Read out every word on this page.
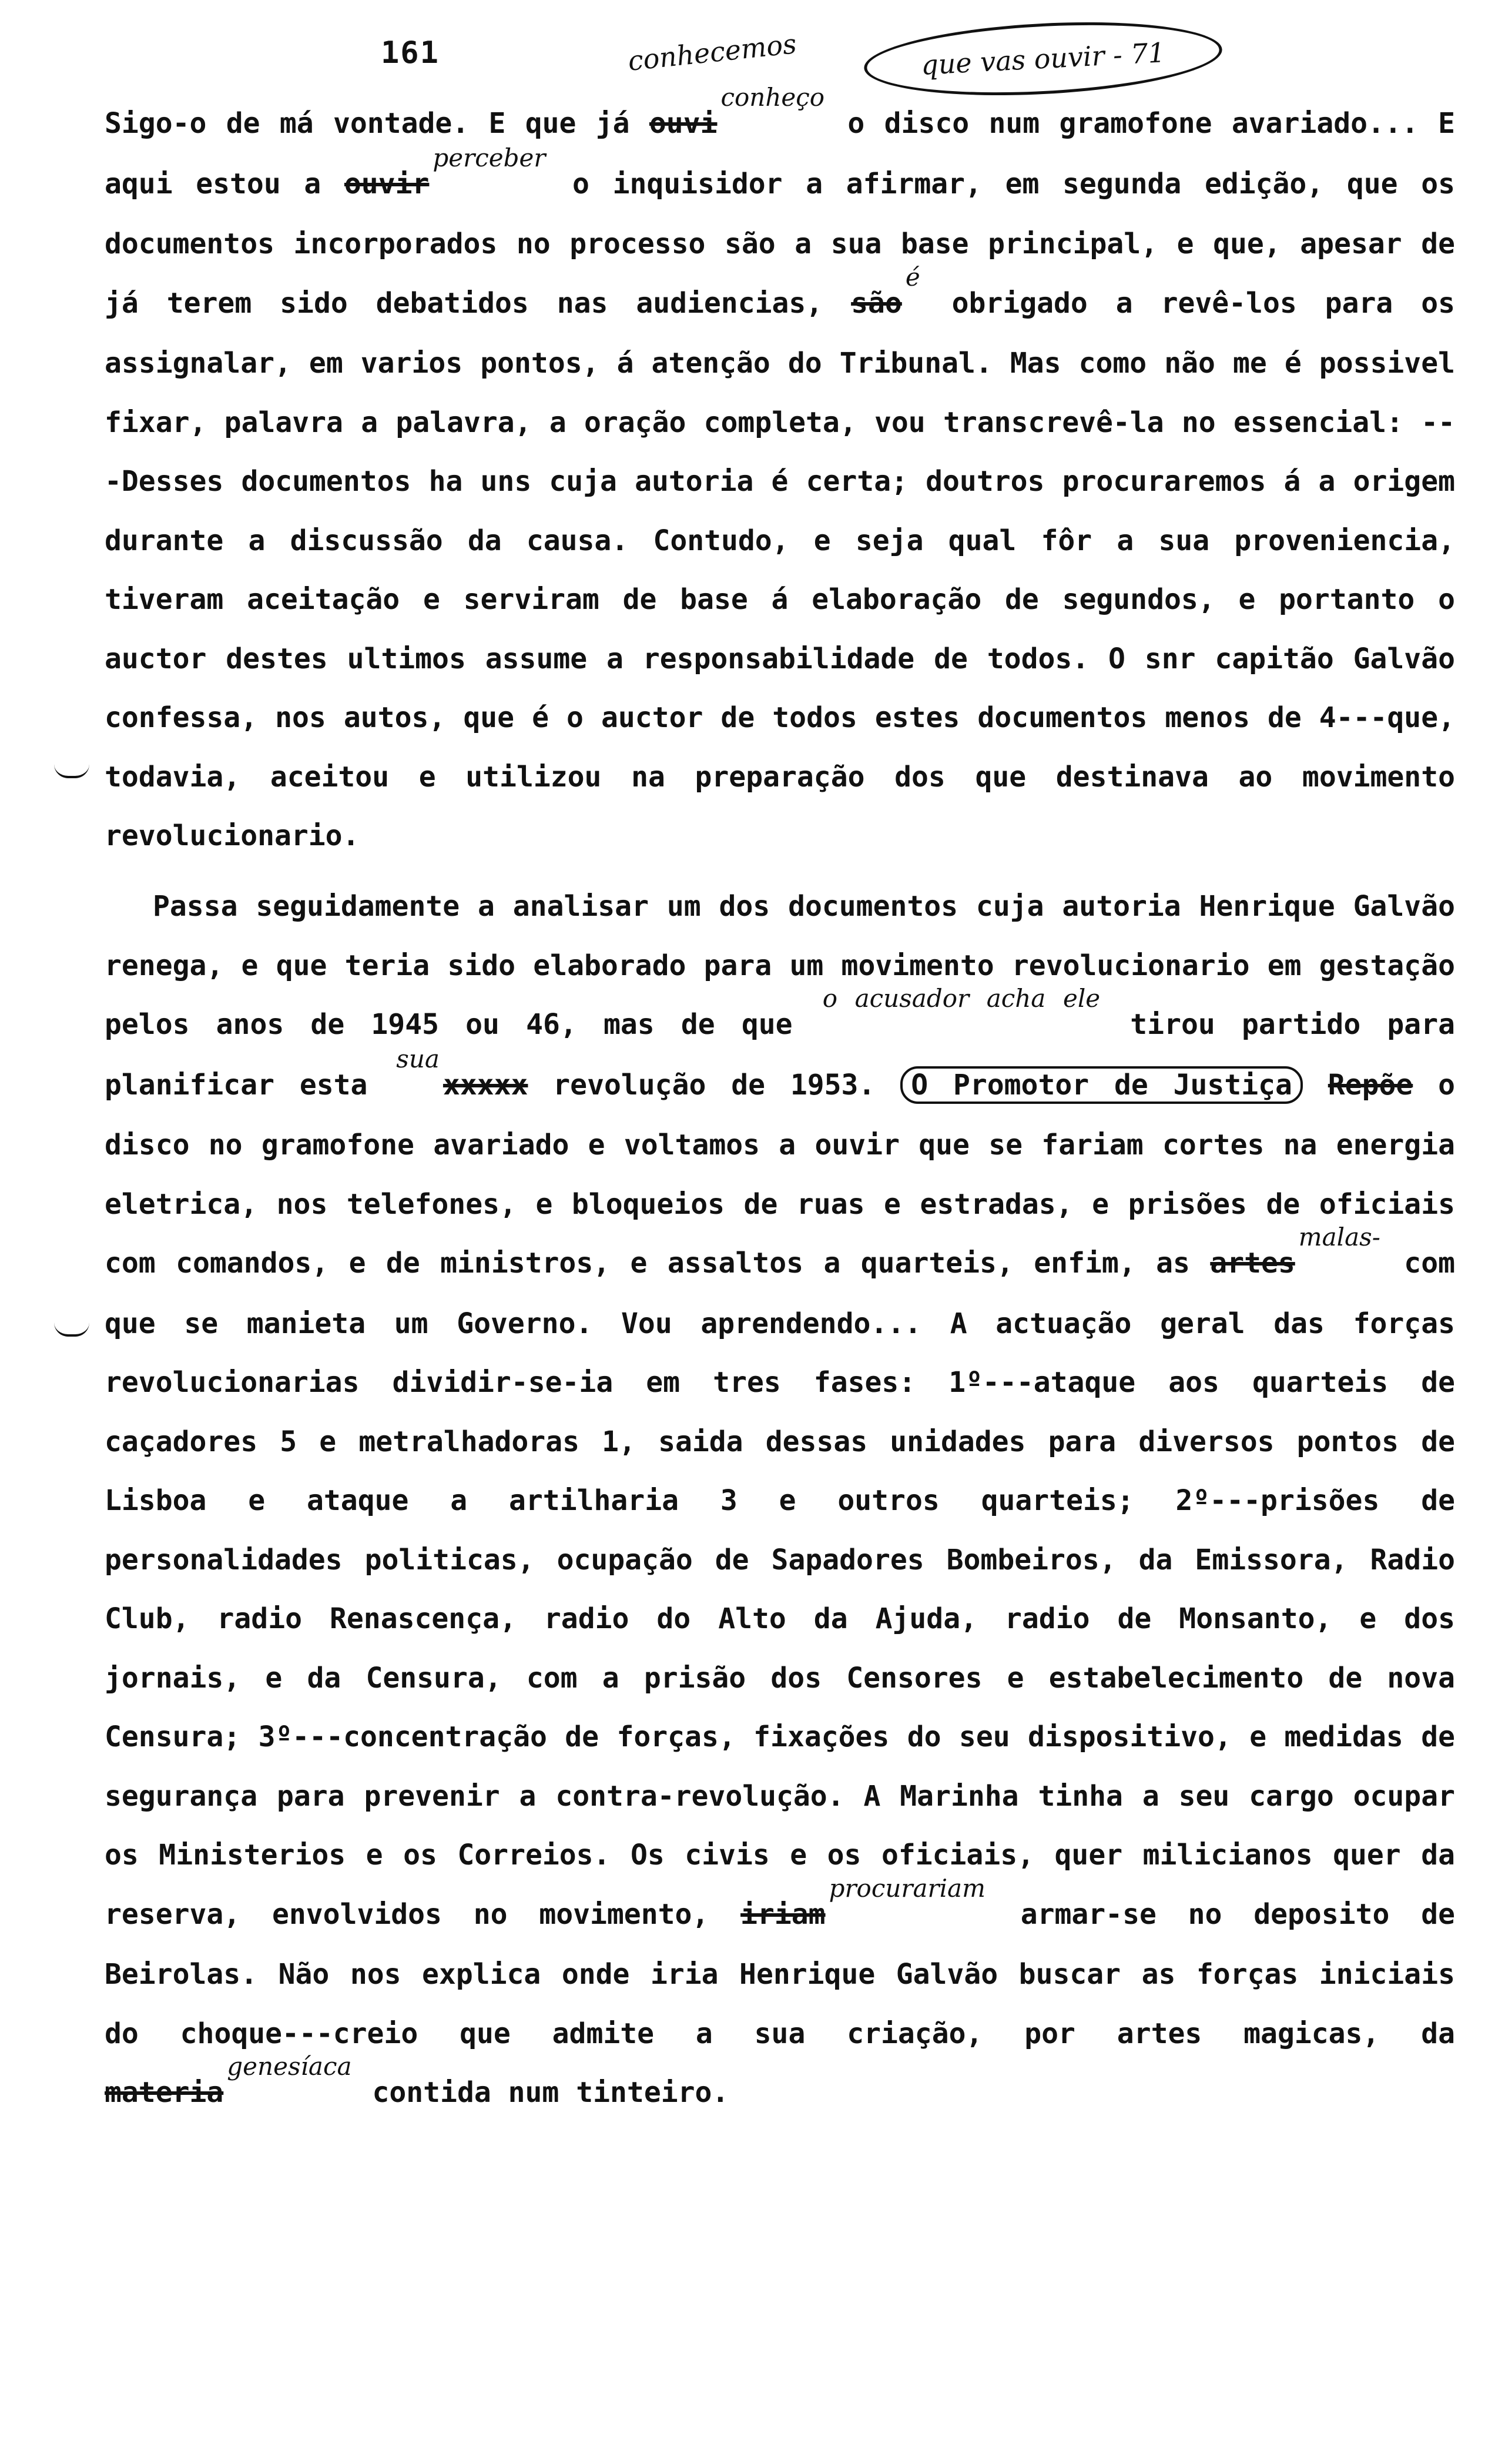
161	conhecemos	que vas ouvir - 71

Sigo-o de má vontade. E que já ouviconheço o disco num gramofone avariado... E aqui estou a ouvirperceber o inquisidor a afirmar, em segunda edição, que os documentos incorporados no processo são a sua base principal, e que, apesar de já terem sido debatidos nas audiencias, sãoé obrigado a revê-los para os assignalar, em varios pontos, á atenção do Tribunal. Mas como não me é possivel fixar, palavra a palavra, a oração completa, vou transcrevê-la no essencial: ---Desses documentos ha uns cuja autoria é certa; doutros procuraremos á a origem durante a discussão da causa. Contudo, e seja qual fôr a sua proveniencia, tiveram aceitação e serviram de base á elaboração de segundos, e portanto o auctor destes ultimos assume a responsabilidade de todos. O snr capitão Galvão confessa, nos autos, que é o auctor de todos estes documentos menos de 4---que, todavia, aceitou e utilizou na preparação dos que destinava ao movimento revolucionario.

Passa seguidamente a analisar um dos documentos cuja autoria Henrique Galvão renega, e que teria sido elaborado para um movimento revolucionario em gestação pelos anos de 1945 ou 46, mas de que o acusador acha ele tirou partido para planificar esta suaxxxxx revolução de 1953. O Promotor de Justiça Repõe o disco no gramofone avariado e voltamos a ouvir que se fariam cortes na energia eletrica, nos telefones, e bloqueios de ruas e estradas, e prisões de oficiais com comandos, e de ministros, e assaltos a quarteis, enfim, as artesmalas- com que se manieta um Governo. Vou aprendendo... A actuação geral das forças revolucionarias dividir-se-ia em tres fases: 1º---ataque aos quarteis de caçadores 5 e metralhadoras 1, saida dessas unidades para diversos pontos de Lisboa e ataque a artilharia 3 e outros quarteis; 2º---prisões de personalidades politicas, ocupação de Sapadores Bombeiros, da Emissora, Radio Club, radio Renascença, radio do Alto da Ajuda, radio de Monsanto, e dos jornais, e da Censura, com a prisão dos Censores e estabelecimento de nova Censura; 3º---concentração de forças, fixações do seu dispositivo, e medidas de segurança para prevenir a contra-revolução. A Marinha tinha a seu cargo ocupar os Ministerios e os Correios. Os civis e os oficiais, quer milicianos quer da reserva, envolvidos no movimento, iriamprocurariam armar-se no deposito de Beirolas. Não nos explica onde iria Henrique Galvão buscar as forças iniciais do choque---creio que admite a sua criação, por artes magicas, da materiagenesíaca contida num tinteiro.
